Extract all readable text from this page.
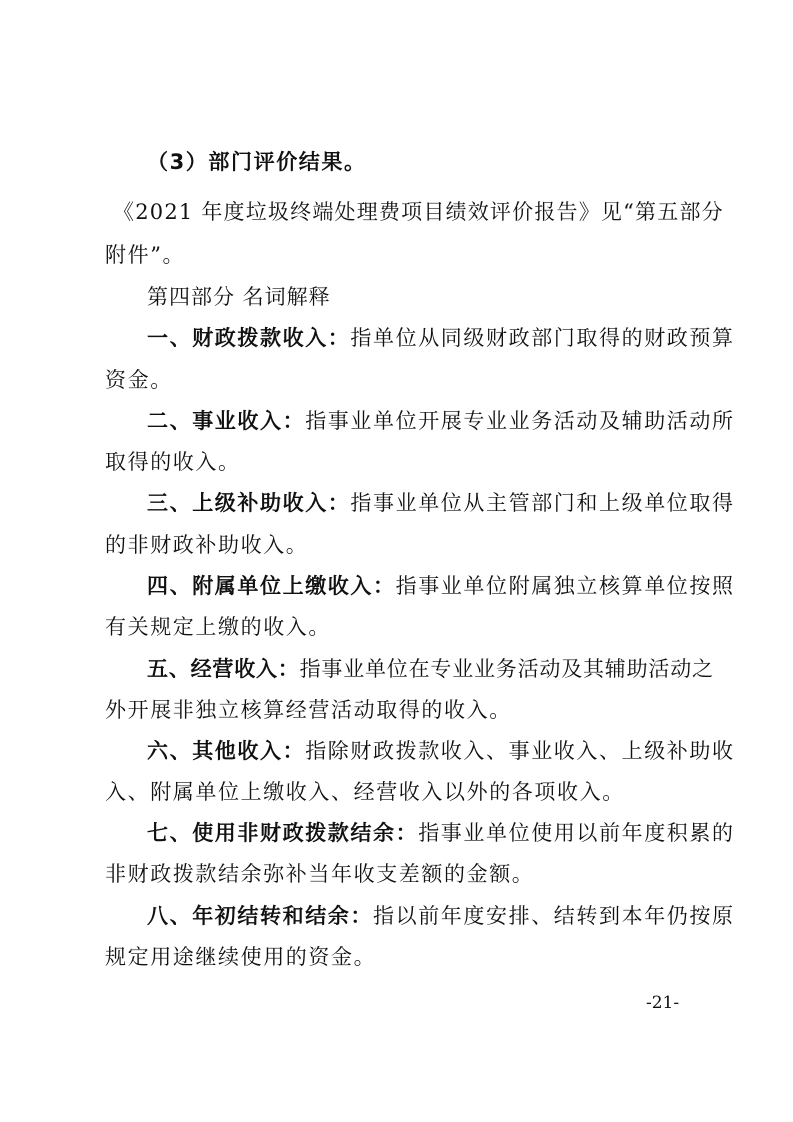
（3）部门评价结果。
《2021 年度垃圾终端处理费项目绩效评价报告》见“第五部分
附件”。
第四部分 名词解释
一、财政拨款收入：指单位从同级财政部门取得的财政预算
资金。
二、事业收入：指事业单位开展专业业务活动及辅助活动所
取得的收入。
三、上级补助收入：指事业单位从主管部门和上级单位取得
的非财政补助收入。
四、附属单位上缴收入：指事业单位附属独立核算单位按照
有关规定上缴的收入。
五、经营收入：指事业单位在专业业务活动及其辅助活动之
外开展非独立核算经营活动取得的收入。
六、其他收入：指除财政拨款收入、事业收入、上级补助收
入、附属单位上缴收入、经营收入以外的各项收入。
七、使用非财政拨款结余：指事业单位使用以前年度积累的
非财政拨款结余弥补当年收支差额的金额。
八、年初结转和结余：指以前年度安排、结转到本年仍按原
规定用途继续使用的资金。
-21-
